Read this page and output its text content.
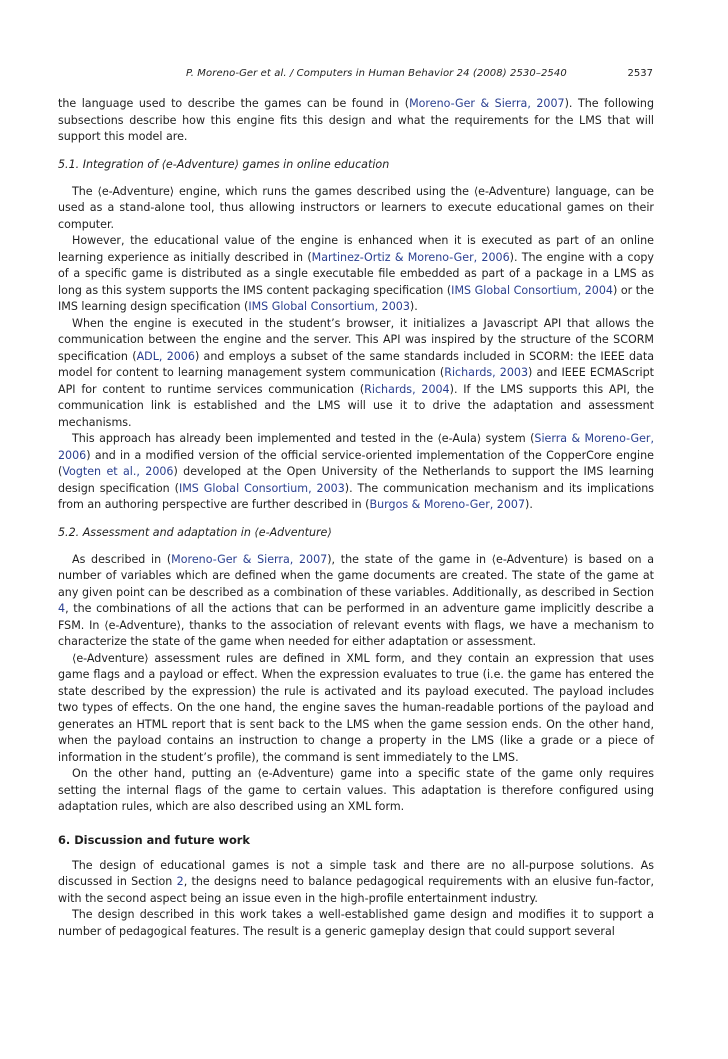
P. Moreno-Ger et al. / Computers in Human Behavior 24 (2008) 2530–2540	2537

the language used to describe the games can be found in (Moreno-Ger & Sierra, 2007). The following subsections describe how this engine fits this design and what the requirements for the LMS that will support this model are.

5.1. Integration of ⟨e-Adventure⟩ games in online education

The ⟨e-Adventure⟩ engine, which runs the games described using the ⟨e-Adventure⟩ language, can be used as a stand-alone tool, thus allowing instructors or learners to execute educational games on their computer.

However, the educational value of the engine is enhanced when it is executed as part of an online learning experience as initially described in (Martinez-Ortiz & Moreno-Ger, 2006). The engine with a copy of a specific game is distributed as a single executable file embedded as part of a package in a LMS as long as this system supports the IMS content packaging specification (IMS Global Consortium, 2004) or the IMS learning design specification (IMS Global Consortium, 2003).

When the engine is executed in the student’s browser, it initializes a Javascript API that allows the communication between the engine and the server. This API was inspired by the structure of the SCORM specification (ADL, 2006) and employs a subset of the same standards included in SCORM: the IEEE data model for content to learning management system communication (Richards, 2003) and IEEE ECMAScript API for content to runtime services communication (Richards, 2004). If the LMS supports this API, the communication link is established and the LMS will use it to drive the adaptation and assessment mechanisms.

This approach has already been implemented and tested in the ⟨e-Aula⟩ system (Sierra & Moreno-Ger, 2006) and in a modified version of the official service-oriented implementation of the CopperCore engine (Vogten et al., 2006) developed at the Open University of the Netherlands to support the IMS learning design specification (IMS Global Consortium, 2003). The communication mechanism and its implications from an authoring perspective are further described in (Burgos & Moreno-Ger, 2007).

5.2. Assessment and adaptation in ⟨e-Adventure⟩

As described in (Moreno-Ger & Sierra, 2007), the state of the game in ⟨e-Adventure⟩ is based on a number of variables which are defined when the game documents are created. The state of the game at any given point can be described as a combination of these variables. Additionally, as described in Section 4, the combinations of all the actions that can be performed in an adventure game implicitly describe a FSM. In ⟨e-Adventure⟩, thanks to the association of relevant events with flags, we have a mechanism to characterize the state of the game when needed for either adaptation or assessment.

⟨e-Adventure⟩ assessment rules are defined in XML form, and they contain an expression that uses game flags and a payload or effect. When the expression evaluates to true (i.e. the game has entered the state described by the expression) the rule is activated and its payload executed. The payload includes two types of effects. On the one hand, the engine saves the human-readable portions of the payload and generates an HTML report that is sent back to the LMS when the game session ends. On the other hand, when the payload contains an instruction to change a property in the LMS (like a grade or a piece of information in the student’s profile), the command is sent immediately to the LMS.

On the other hand, putting an ⟨e-Adventure⟩ game into a specific state of the game only requires setting the internal flags of the game to certain values. This adaptation is therefore configured using adaptation rules, which are also described using an XML form.

6. Discussion and future work

The design of educational games is not a simple task and there are no all-purpose solutions. As discussed in Section 2, the designs need to balance pedagogical requirements with an elusive fun-factor, with the second aspect being an issue even in the high-profile entertainment industry.

The design described in this work takes a well-established game design and modifies it to support a number of pedagogical features. The result is a generic gameplay design that could support several
